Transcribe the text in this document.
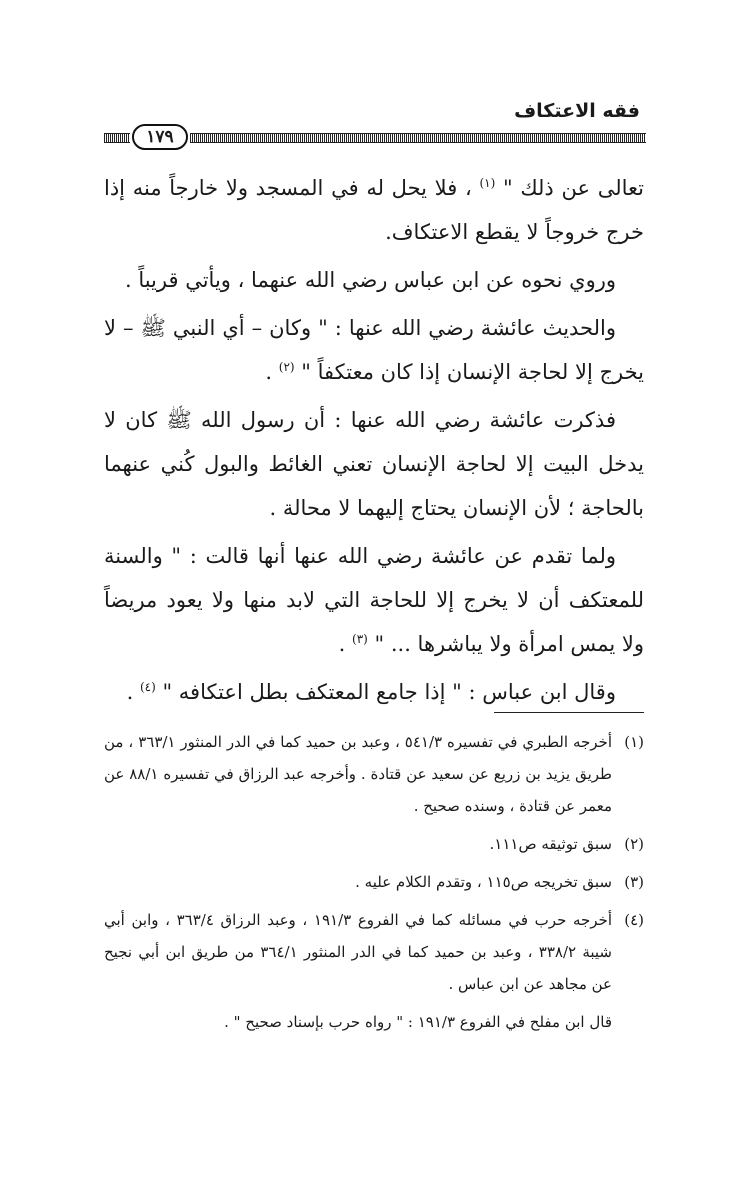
فقه الاعتكاف
١٧٩

تعالى عن ذلك " $^{(١)}$ ، فلا يحل له في المسجد ولا خارجاً منه إذا خرج خروجاً لا يقطع الاعتكاف.

وروي نحوه عن ابن عباس رضي الله عنهما ، ويأتي قريباً .

والحديث عائشة رضي الله عنها : " وكان – أي النبي ﷺ – لا يخرج إلا لحاجة الإنسان إذا كان معتكفاً " $^{(٢)}$ .

فذكرت عائشة رضي الله عنها : أن رسول الله ﷺ كان لا يدخل البيت إلا لحاجة الإنسان تعني الغائط والبول كُني عنهما بالحاجة ؛ لأن الإنسان يحتاج إليهما لا محالة .

ولما تقدم عن عائشة رضي الله عنها أنها قالت : " والسنة للمعتكف أن لا يخرج إلا للحاجة التي لابد منها ولا يعود مريضاً ولا يمس امرأة ولا يباشرها ... " $^{(٣)}$ .

وقال ابن عباس : " إذا جامع المعتكف بطل اعتكافه " $^{(٤)}$ .

(١)
أخرجه الطبري في تفسيره ٥٤١/٣ ، وعبد بن حميد كما في الدر المنثور ٣٦٣/١ ، من طريق يزيد بن زريع عن سعيد عن قتادة . وأخرجه عبد الرزاق في تفسيره ٨٨/١ عن معمر عن قتادة ، وسنده صحيح .
(٢)
سبق توثيقه ص١١١.
(٣)
سبق تخريجه ص١١٥ ، وتقدم الكلام عليه .
(٤)
أخرجه حرب في مسائله كما في الفروع ١٩١/٣ ، وعبد الرزاق ٣٦٣/٤ ، وابن أبي شيبة ٣٣٨/٢ ، وعبد بن حميد كما في الدر المنثور ٣٦٤/١ من طريق ابن أبي نجيح عن مجاهد عن ابن عباس .
قال ابن مفلح في الفروع ١٩١/٣ : " رواه حرب بإسناد صحيح " .
